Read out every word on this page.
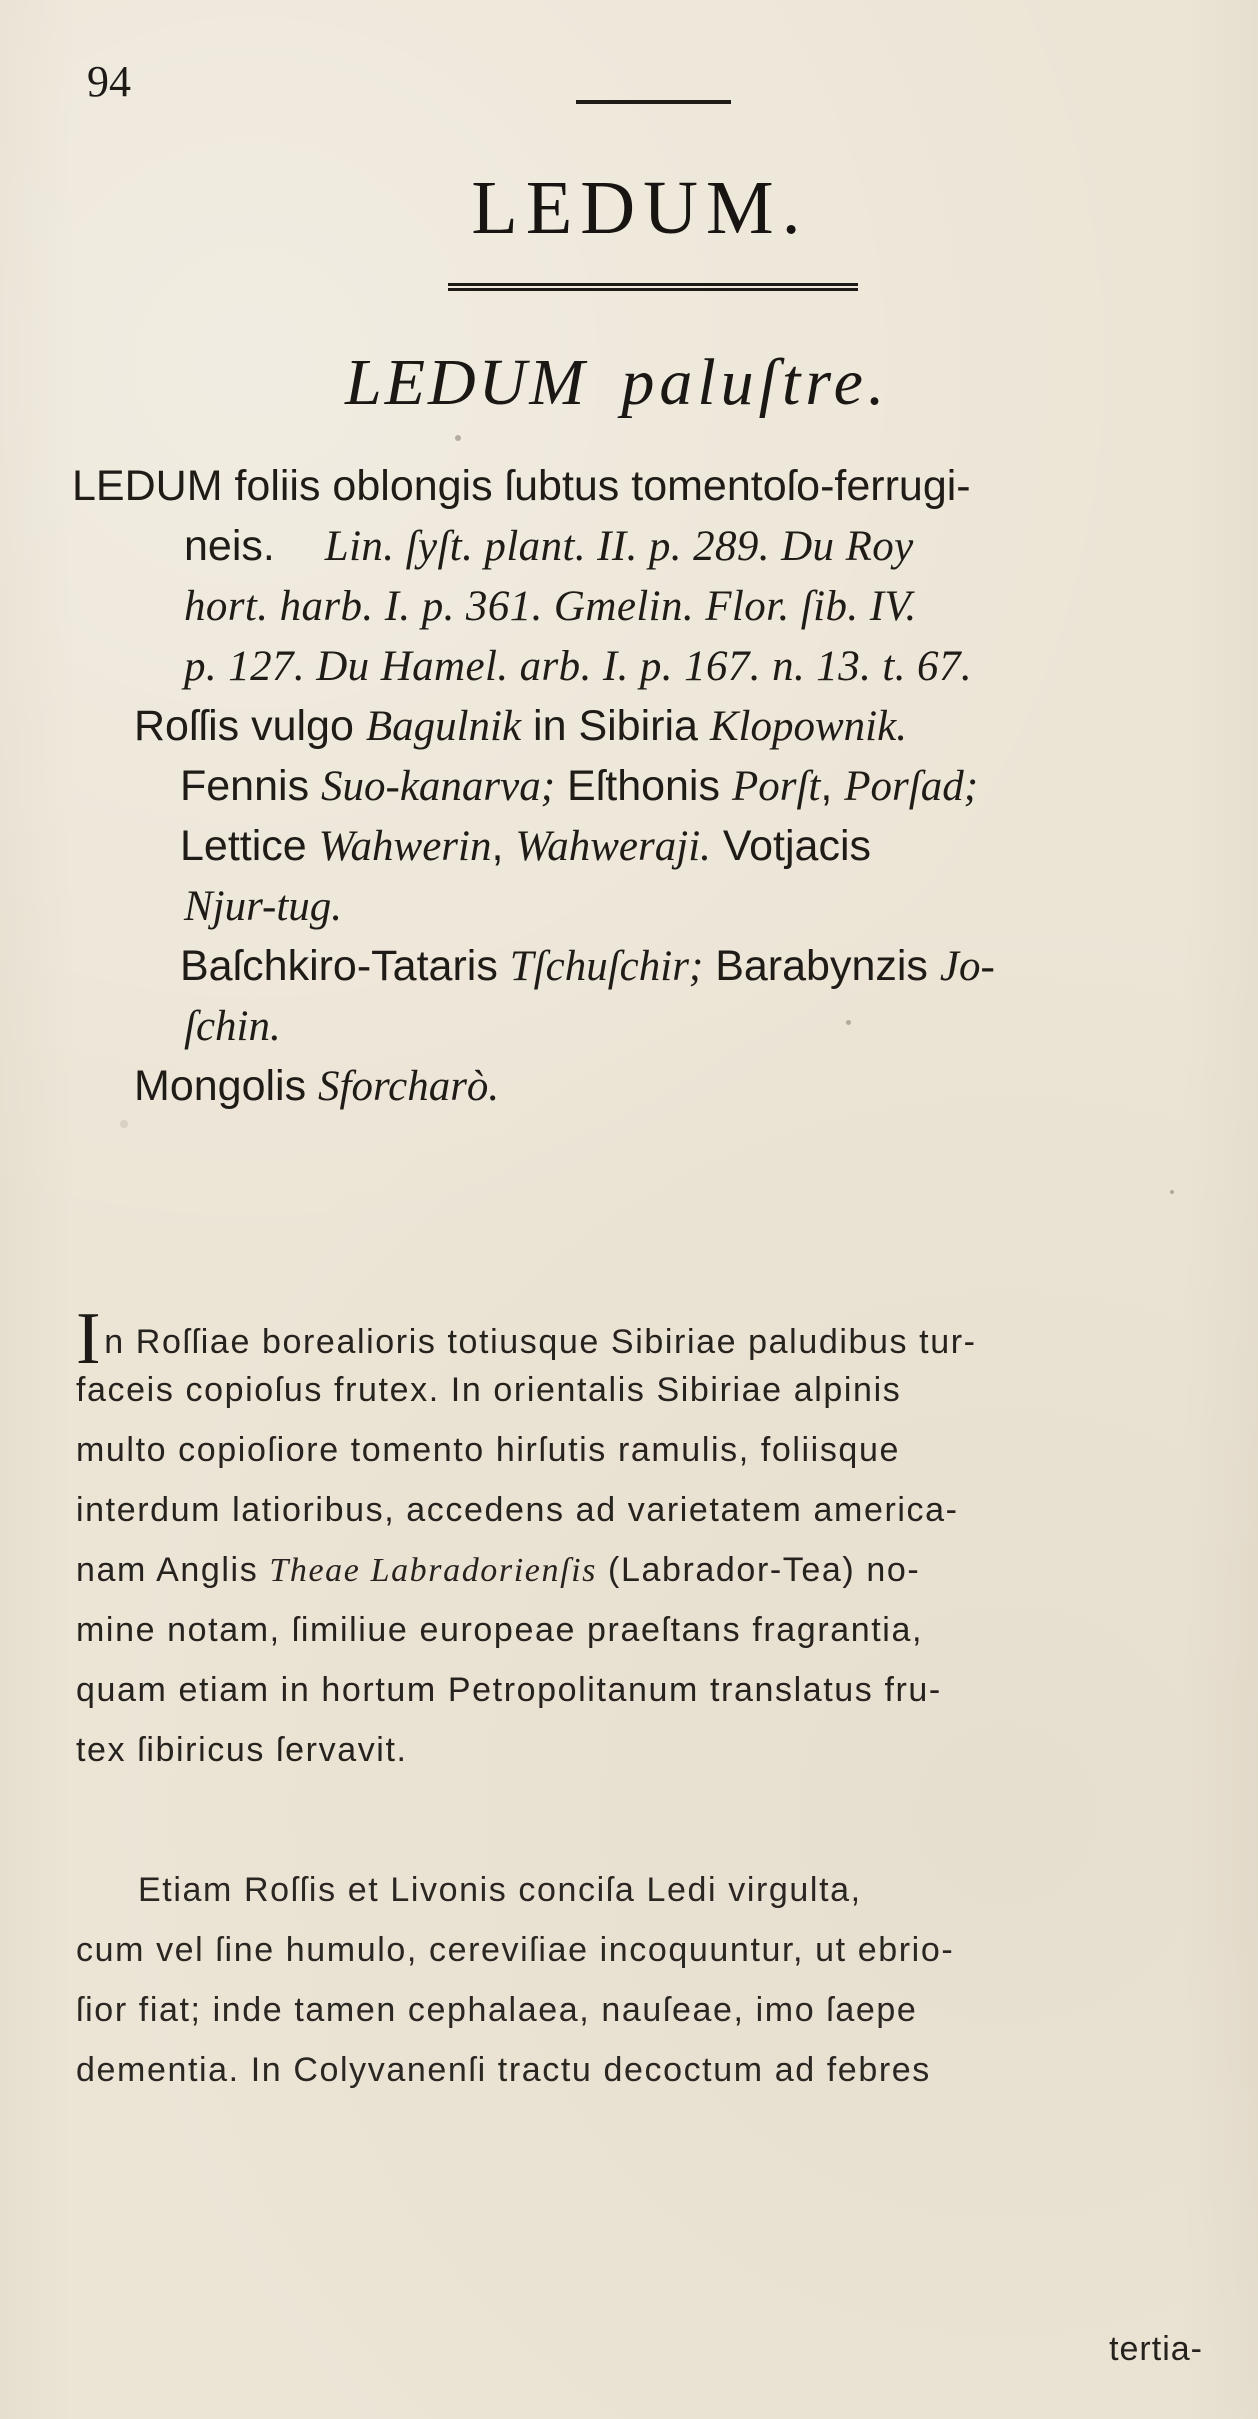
94
LEDUM.
LEDUM paluſtre.
LEDUM foliis oblongis ſubtus tomentoſo-ferrugi-
neis. Lin. ſyſt. plant. II. p. 289. Du Roy
hort. harb. I. p. 361. Gmelin. Flor. ſib. IV.
p. 127. Du Hamel. arb. I. p. 167. n. 13. t. 67.
Roſſis vulgo Bagulnik in Sibiria Klopownik.
Fennis Suo-kanarva; Eſthonis Porſt, Porſad;
Lettice Wahwerin, Wahweraji. Votjacis
Njur-tug.
Baſchkiro-Tataris Tſchuſchir; Barabynzis Jo-
ſchin.
Mongolis Sforcharò.
In Roſſiae borealioris totiusque Sibiriae paludibus tur-
faceis copioſus frutex. In orientalis Sibiriae alpinis
multo copioſiore tomento hirſutis ramulis, foliisque
interdum latioribus, accedens ad varietatem america-
nam Anglis Theae Labradorienſis (Labrador-Tea) no-
mine notam, ſimiliue europeae praeſtans fragrantia,
quam etiam in hortum Petropolitanum translatus fru-
tex ſibiricus ſervavit.
Etiam Roſſis et Livonis conciſa Ledi virgulta,
cum vel ſine humulo, cereviſiae incoquuntur, ut ebrio-
ſior fiat; inde tamen cephalaea, nauſeae, imo ſaepe
dementia. In Colyvanenſi tractu decoctum ad febres
tertia-
